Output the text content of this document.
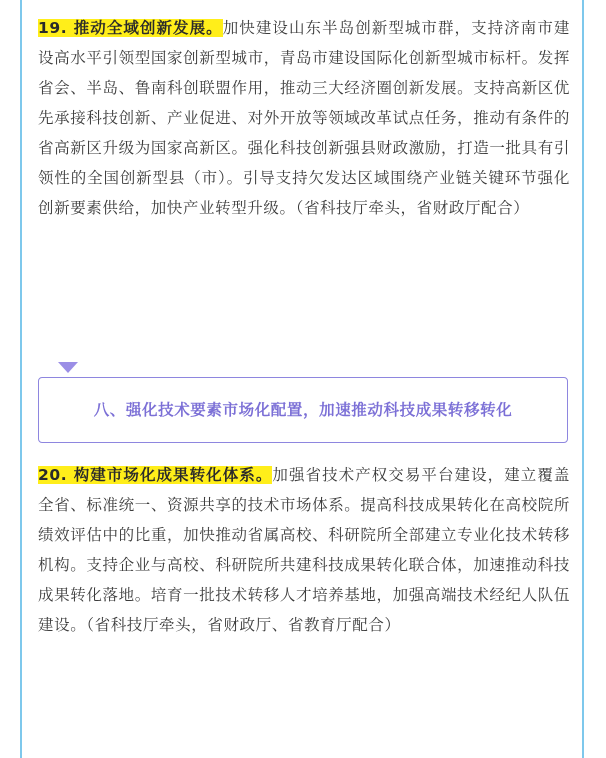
19. 推动全域创新发展。加快建设山东半岛创新型城市群，支持济南市建设高水平引领型国家创新型城市，青岛市建设国际化创新型城市标杆。发挥省会、半岛、鲁南科创联盟作用，推动三大经济圈创新发展。支持高新区优先承接科技创新、产业促进、对外开放等领域改革试点任务，推动有条件的省高新区升级为国家高新区。强化科技创新强县财政激励，打造一批具有引领性的全国创新型县（市）。引导支持欠发达区域围绕产业链关键环节强化创新要素供给，加快产业转型升级。（省科技厅牵头，省财政厅配合）

八、强化技术要素市场化配置，加速推动科技成果转移转化

20. 构建市场化成果转化体系。加强省技术产权交易平台建设，建立覆盖全省、标准统一、资源共享的技术市场体系。提高科技成果转化在高校院所绩效评估中的比重，加快推动省属高校、科研院所全部建立专业化技术转移机构。支持企业与高校、科研院所共建科技成果转化联合体，加速推动科技成果转化落地。培育一批技术转移人才培养基地，加强高端技术经纪人队伍建设。（省科技厅牵头，省财政厅、省教育厅配合）
